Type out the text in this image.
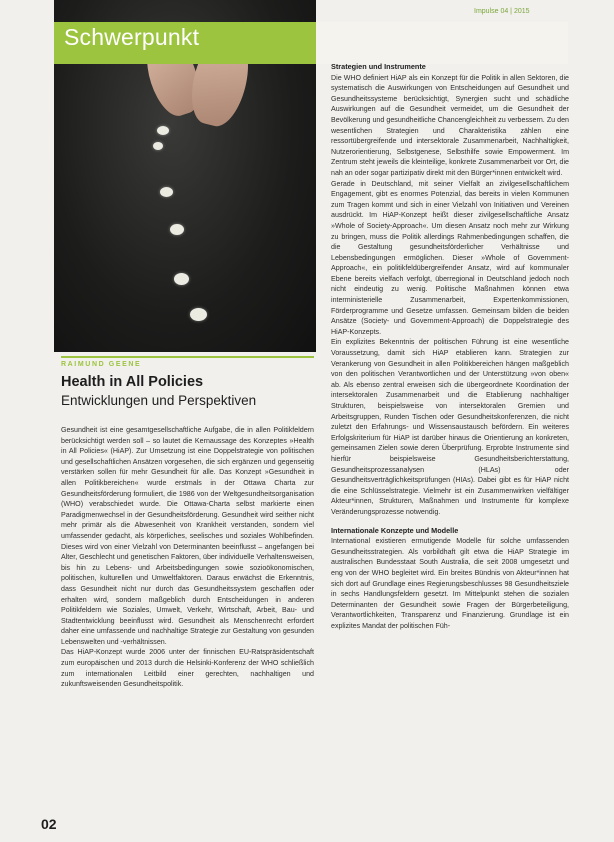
Schwerpunkt
Impulse 04 | 2015
RAIMUND GEENE
Health in All Policies
Entwicklungen und Perspektiven

Gesundheit ist eine gesamtgesellschaftliche Aufgabe, die in allen Politikfeldern berücksichtigt werden soll – so lautet die Kernaussage des Konzeptes »Health in All Policies« (HiAP). Zur Umsetzung ist eine Doppelstrategie von politischen und gesellschaftlichen Ansätzen vorgesehen, die sich ergänzen und gegenseitig verstärken sollen für mehr Gesundheit für alle. Das Konzept »Gesundheit in allen Politikbereichen« wurde erstmals in der Ottawa Charta zur Gesundheitsförderung formuliert, die 1986 von der Weltgesundheitsorganisation (WHO) verabschiedet wurde. Die Ottawa-Charta selbst markierte einen Paradigmenwechsel in der Gesundheitsförderung. Gesundheit wird seither nicht mehr primär als die Abwesenheit von Krankheit verstanden, sondern viel umfassender gedacht, als körperliches, seelisches und soziales Wohlbefinden. Dieses wird von einer Vielzahl von Determinanten beeinflusst – angefangen bei Alter, Geschlecht und genetischen Faktoren, über individuelle Verhaltensweisen, bis hin zu Lebens- und Arbeitsbedingungen sowie sozioökonomischen, politischen, kulturellen und Umweltfaktoren. Daraus erwächst die Erkenntnis, dass Gesundheit nicht nur durch das Gesundheitssystem geschaffen oder erhalten wird, sondern maßgeblich durch Entscheidungen in anderen Politikfeldern wie Soziales, Umwelt, Verkehr, Wirtschaft, Arbeit, Bau- und Stadtentwicklung beeinflusst wird. Gesundheit als Menschenrecht erfordert daher eine umfassende und nachhaltige Strategie zur Gestaltung von gesunden Lebenswelten und -verhältnissen.

Das HiAP-Konzept wurde 2006 unter der finnischen EU-Ratspräsidentschaft zum europäischen und 2013 durch die Helsinki-Konferenz der WHO schließlich zum internationalen Leitbild einer gerechten, nachhaltigen und zukunftsweisenden Gesundheitspolitik.

Strategien und Instrumente

Die WHO definiert HiAP als ein Konzept für die Politik in allen Sektoren, die systematisch die Auswirkungen von Entscheidungen auf Gesundheit und Gesundheitssysteme berücksichtigt, Synergien sucht und schädliche Auswirkungen auf die Gesundheit vermeidet, um die Gesundheit der Bevölkerung und gesundheitliche Chancengleichheit zu verbessern. Zu den wesentlichen Strategien und Charakteristika zählen eine ressortübergreifende und intersektorale Zusammenarbeit, Nachhaltigkeit, Nutzerorientierung, Selbstgenese, Selbsthilfe sowie Empowerment. Im Zentrum steht jeweils die kleinteilige, konkrete Zusammenarbeit vor Ort, die nah an oder sogar partizipativ direkt mit den Bürger*innen entwickelt wird.

Gerade in Deutschland, mit seiner Vielfalt an zivilgesellschaftlichem Engagement, gibt es enormes Potenzial, das bereits in vielen Kommunen zum Tragen kommt und sich in einer Vielzahl von Initiativen und Vereinen ausdrückt. Im HiAP-Konzept heißt dieser zivilgesellschaftliche Ansatz »Whole of Society-Approach«. Um diesen Ansatz noch mehr zur Wirkung zu bringen, muss die Politik allerdings Rahmenbedingungen schaffen, die die Gestaltung gesundheitsförderlicher Verhältnisse und Lebensbedingungen ermöglichen. Dieser »Whole of Government-Approach«, ein politikfeldübergreifender Ansatz, wird auf kommunaler Ebene bereits vielfach verfolgt, überregional in Deutschland jedoch noch nicht eindeutig zu wenig. Politische Maßnahmen können etwa interministerielle Zusammenarbeit, Expertenkommissionen, Förderprogramme und Gesetze umfassen. Gemeinsam bilden die beiden Ansätze (Society- und Government-Approach) die Doppelstrategie des HiAP-Konzepts.

Ein explizites Bekenntnis der politischen Führung ist eine wesentliche Voraussetzung, damit sich HiAP etablieren kann. Strategien zur Verankerung von Gesundheit in allen Politikbereichen hängen maßgeblich von den politischen Verantwortlichen und der Unterstützung »von oben« ab. Als ebenso zentral erweisen sich die übergeordnete Koordination der intersektoralen Zusammenarbeit und die Etablierung nachhaltiger Strukturen, beispielsweise von intersektoralen Gremien und Arbeitsgruppen, Runden Tischen oder Gesundheitskonferenzen, die nicht zuletzt den Erfahrungs- und Wissensaustausch befördern. Ein weiteres Erfolgskriterium für HiAP ist darüber hinaus die Orientierung an konkreten, gemeinsamen Zielen sowie deren Überprüfung. Erprobte Instrumente sind hierfür beispielsweise Gesundheitsberichterstattung, Gesundheitsprozessanalysen (HLAs) oder Gesundheitsverträglichkeitsprüfungen (HIAs). Dabei gibt es für HiAP nicht die eine Schlüsselstrategie. Vielmehr ist ein Zusammenwirken vielfältiger Akteur*innen, Strukturen, Maßnahmen und Instrumente für komplexe Veränderungsprozesse notwendig.

Internationale Konzepte und Modelle

International existieren ermutigende Modelle für solche umfassenden Gesundheitsstrategien. Als vorbildhaft gilt etwa die HiAP Strategie im australischen Bundesstaat South Australia, die seit 2008 umgesetzt und eng von der WHO begleitet wird. Ein breites Bündnis von Akteur*innen hat sich dort auf Grundlage eines Regierungsbeschlusses 98 Gesundheitsziele in sechs Handlungsfeldern gesetzt. Im Mittelpunkt stehen die sozialen Determinanten der Gesundheit sowie Fragen der Bürgerbeteiligung, Verantwortlichkeiten, Transparenz und Finanzierung. Grundlage ist ein explizites Mandat der politischen Füh-

02
